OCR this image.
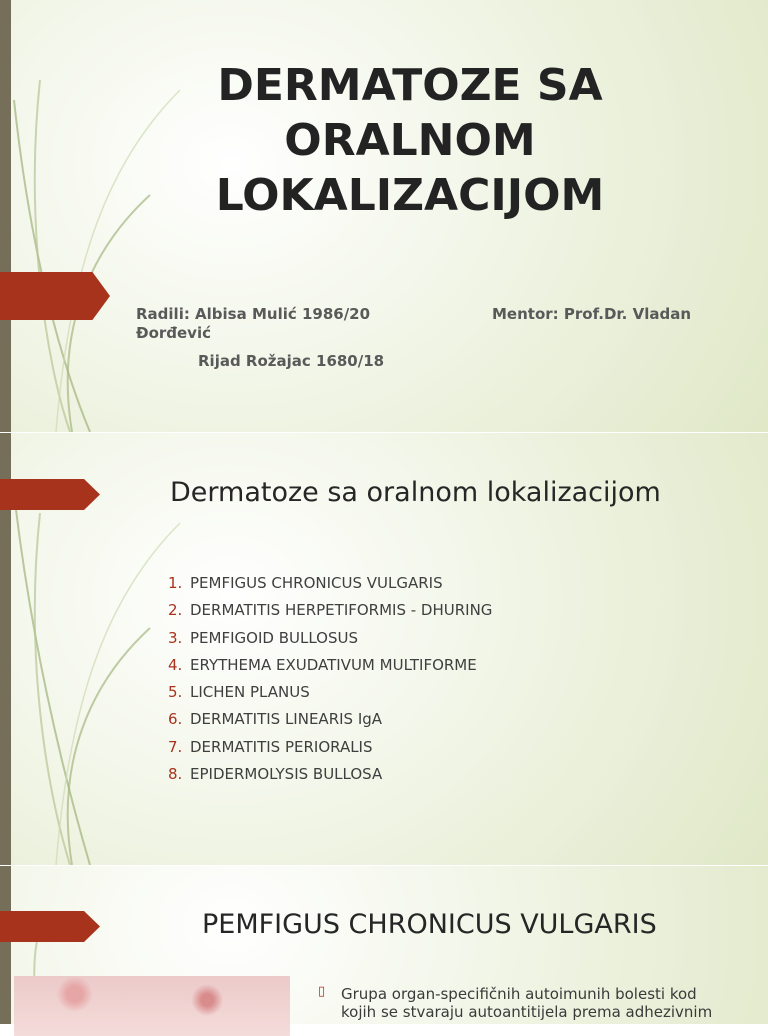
DERMATOZE SA
ORALNOM
LOKALIZACIJOM
Radili: Albisa Mulić 1986/20	Mentor: Prof.Dr. Vladan
Đorđević
Rijad Rožajac 1680/18
Dermatoze sa oralnom lokalizacijom
1. PEMFIGUS CHRONICUS VULGARIS
2. DERMATITIS HERPETIFORMIS - DHURING
3. PEMFIGOID BULLOSUS
4. ERYTHEMA EXUDATIVUM MULTIFORME
5. LICHEN PLANUS
6. DERMATITIS LINEARIS IgA
7. DERMATITIS PERIORALIS
8. EPIDERMOLYSIS BULLOSA
PEMFIGUS CHRONICUS VULGARIS
▯ Grupa organ-specifičnih autoimunih bolesti kod
kojih se stvaraju autoantitijela prema adhezivnim
